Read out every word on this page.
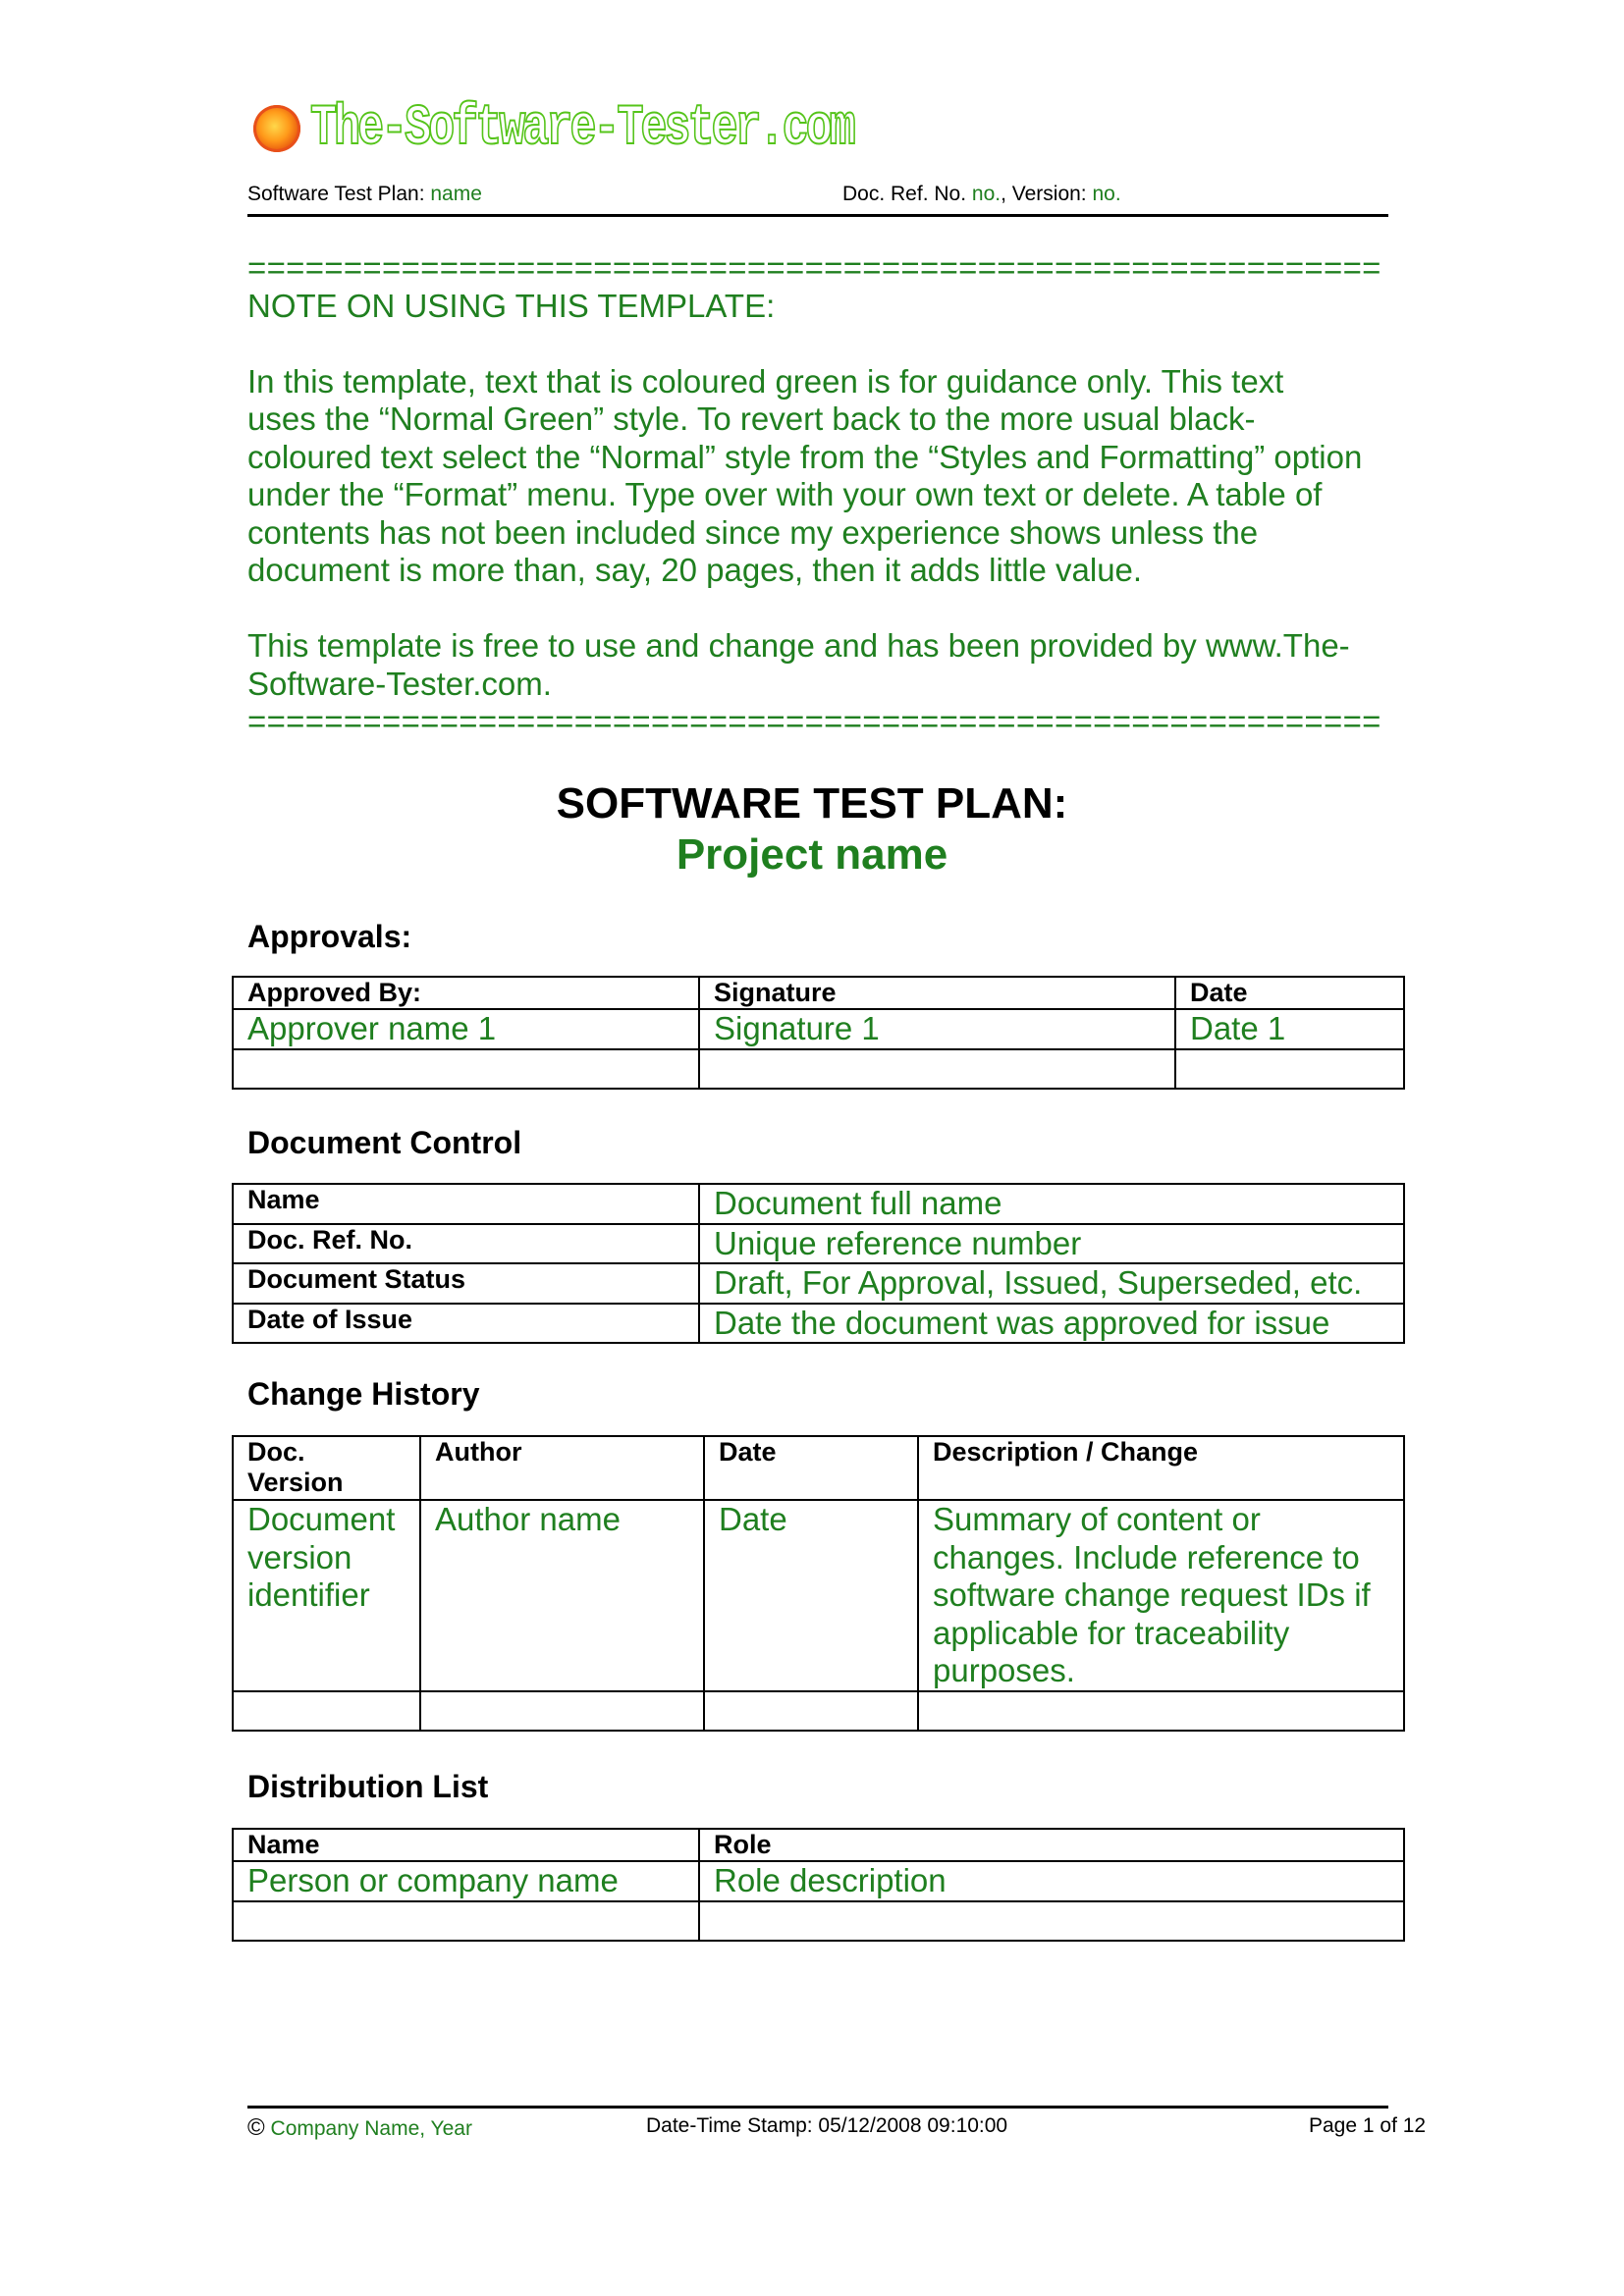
The-Software-Tester.com
Software Test Plan: name	Doc. Ref. No. no., Version: no.
===========================================================
NOTE ON USING THIS TEMPLATE:
In this template, text that is coloured green is for guidance only. This text
uses the “Normal Green” style. To revert back to the more usual black-
coloured text select the “Normal” style from the “Styles and Formatting” option
under the “Format” menu. Type over with your own text or delete. A table of
contents has not been included since my experience shows unless the
document is more than, say, 20 pages, then it adds little value.
This template is free to use and change and has been provided by www.The-
Software-Tester.com.
===========================================================
SOFTWARE TEST PLAN:
Project name
Approvals:
Approved By:	Signature	Date
Approver name 1	Signature 1	Date 1

Document Control
Name	Document full name
Doc. Ref. No.	Unique reference number
Document Status	Draft, For Approval, Issued, Superseded, etc.
Date of Issue	Date the document was approved for issue
Change History
Doc. Version	Author	Date	Description / Change
Document version identifier	Author name	Date	Summary of content or changes. Include reference to software change request IDs if applicable for traceability purposes.

Distribution List
Name	Role
Person or company name	Role description

© Company Name, Year	Date-Time Stamp: 05/12/2008 09:10:00	Page 1 of 12
